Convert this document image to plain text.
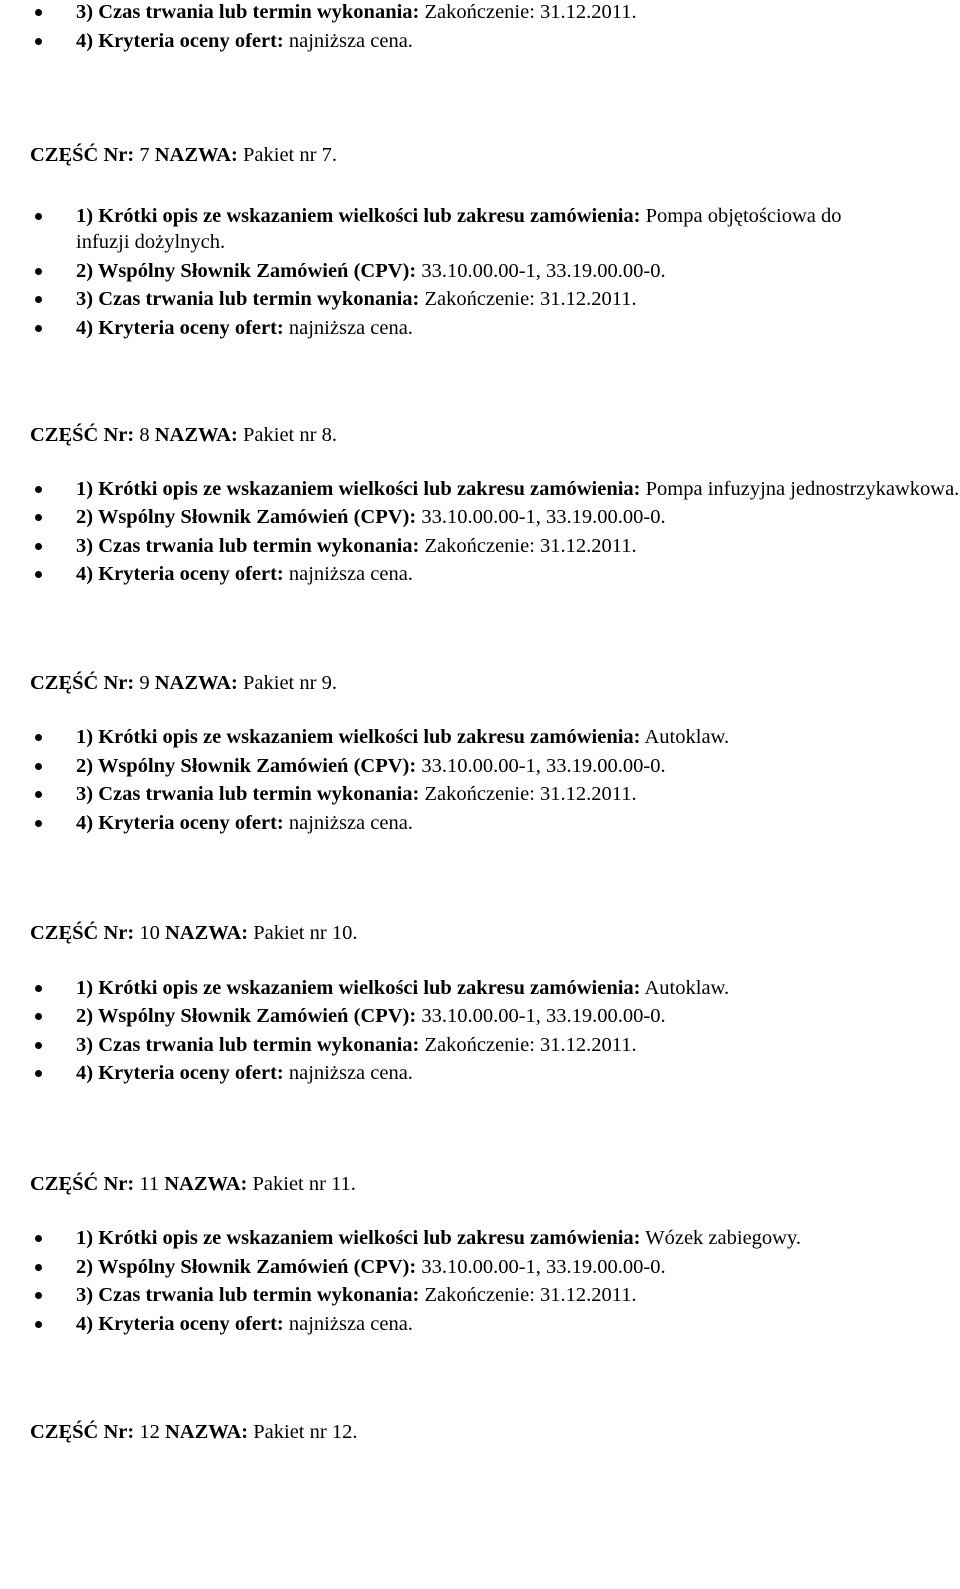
3) Czas trwania lub termin wykonania: Zakończenie: 31.12.2011.
4) Kryteria oceny ofert: najniższa cena.

CZĘŚĆ Nr: 7 NAZWA: Pakiet nr 7.

1) Krótki opis ze wskazaniem wielkości lub zakresu zamówienia: Pompa objętościowa do infuzji dożylnych.
2) Wspólny Słownik Zamówień (CPV): 33.10.00.00-1, 33.19.00.00-0.
3) Czas trwania lub termin wykonania: Zakończenie: 31.12.2011.
4) Kryteria oceny ofert: najniższa cena.

CZĘŚĆ Nr: 8 NAZWA: Pakiet nr 8.

1) Krótki opis ze wskazaniem wielkości lub zakresu zamówienia: Pompa infuzyjna jednostrzykawkowa.
2) Wspólny Słownik Zamówień (CPV): 33.10.00.00-1, 33.19.00.00-0.
3) Czas trwania lub termin wykonania: Zakończenie: 31.12.2011.
4) Kryteria oceny ofert: najniższa cena.

CZĘŚĆ Nr: 9 NAZWA: Pakiet nr 9.

1) Krótki opis ze wskazaniem wielkości lub zakresu zamówienia: Autoklaw.
2) Wspólny Słownik Zamówień (CPV): 33.10.00.00-1, 33.19.00.00-0.
3) Czas trwania lub termin wykonania: Zakończenie: 31.12.2011.
4) Kryteria oceny ofert: najniższa cena.

CZĘŚĆ Nr: 10 NAZWA: Pakiet nr 10.

1) Krótki opis ze wskazaniem wielkości lub zakresu zamówienia: Autoklaw.
2) Wspólny Słownik Zamówień (CPV): 33.10.00.00-1, 33.19.00.00-0.
3) Czas trwania lub termin wykonania: Zakończenie: 31.12.2011.
4) Kryteria oceny ofert: najniższa cena.

CZĘŚĆ Nr: 11 NAZWA: Pakiet nr 11.

1) Krótki opis ze wskazaniem wielkości lub zakresu zamówienia: Wózek zabiegowy.
2) Wspólny Słownik Zamówień (CPV): 33.10.00.00-1, 33.19.00.00-0.
3) Czas trwania lub termin wykonania: Zakończenie: 31.12.2011.
4) Kryteria oceny ofert: najniższa cena.

CZĘŚĆ Nr: 12 NAZWA: Pakiet nr 12.
